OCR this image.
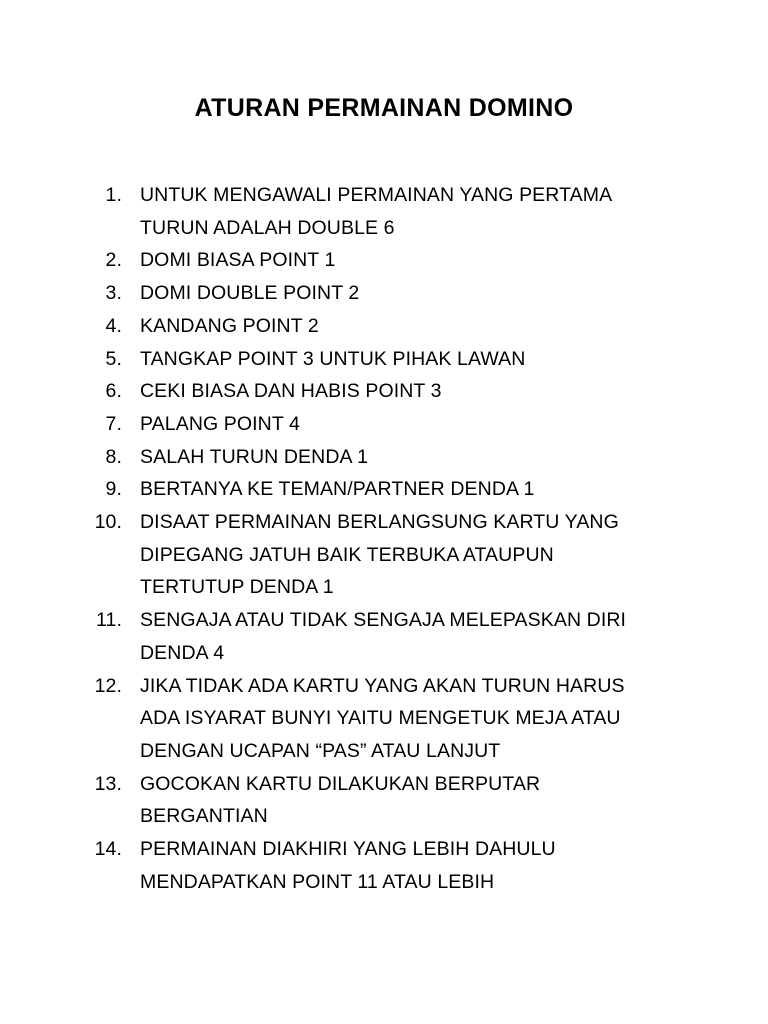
ATURAN PERMAINAN DOMINO
1. UNTUK MENGAWALI PERMAINAN YANG PERTAMA
TURUN ADALAH DOUBLE 6
2. DOMI BIASA POINT 1
3. DOMI DOUBLE POINT 2
4. KANDANG POINT 2
5. TANGKAP POINT 3 UNTUK PIHAK LAWAN
6. CEKI BIASA DAN HABIS POINT 3
7. PALANG POINT 4
8. SALAH TURUN DENDA 1
9. BERTANYA KE TEMAN/PARTNER DENDA 1
10. DISAAT PERMAINAN BERLANGSUNG KARTU YANG
DIPEGANG JATUH BAIK TERBUKA ATAUPUN
TERTUTUP DENDA 1
11. SENGAJA ATAU TIDAK SENGAJA MELEPASKAN DIRI
DENDA 4
12. JIKA TIDAK ADA KARTU YANG AKAN TURUN HARUS
ADA ISYARAT BUNYI YAITU MENGETUK MEJA ATAU
DENGAN UCAPAN “PAS” ATAU LANJUT
13. GOCOKAN KARTU DILAKUKAN BERPUTAR
BERGANTIAN
14. PERMAINAN DIAKHIRI YANG LEBIH DAHULU
MENDAPATKAN POINT 11 ATAU LEBIH
